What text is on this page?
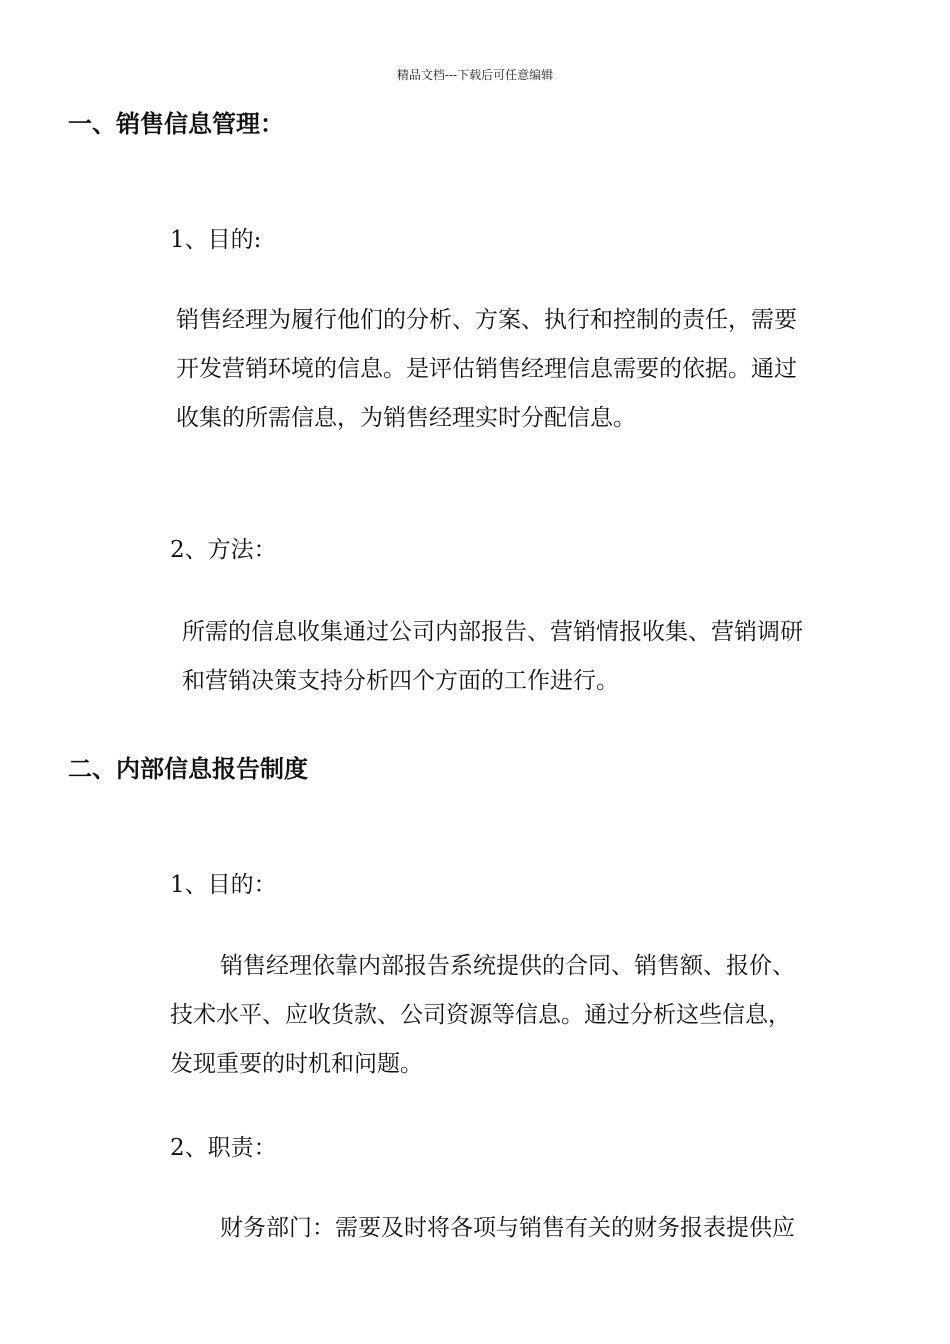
精品文档---下载后可任意编辑
一、销售信息管理：
1、目的:
销售经理为履行他们的分析、方案、执行和控制的责任，需要
开发营销环境的信息。是评估销售经理信息需要的依据。通过
收集的所需信息，为销售经理实时分配信息。
2、方法：
所需的信息收集通过公司内部报告、营销情报收集、营销调研
和营销决策支持分析四个方面的工作进行。
二、内部信息报告制度
1、目的：
销售经理依靠内部报告系统提供的合同、销售额、报价、
技术水平、应收货款、公司资源等信息。通过分析这些信息，
发现重要的时机和问题。
2、职责：
财务部门：需要及时将各项与销售有关的财务报表提供应
